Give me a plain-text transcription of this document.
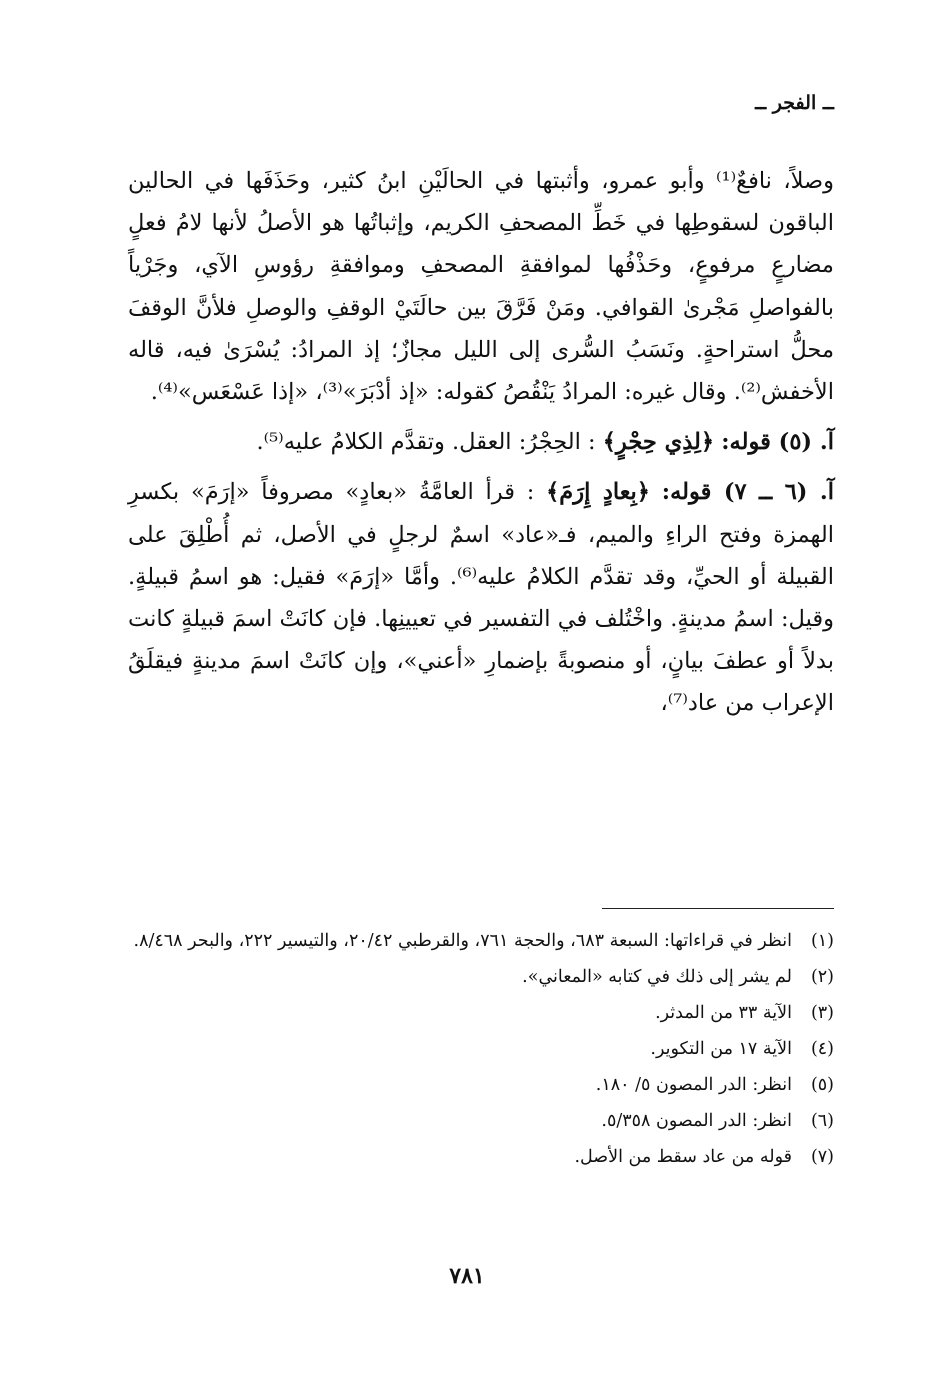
ــ الفجر ــ

وصلاً، نافعٌ⁽¹⁾ وأبو عمرو، وأثبتها في الحالَيْنِ ابنُ كثير، وحَذَفَها في الحالين الباقون لسقوطِها في خَطِّ المصحفِ الكريم، وإثباتُها هو الأصلُ لأنها لامُ فعلٍ مضارعٍ مرفوعٍ، وحَذْفُها لموافقةِ المصحفِ وموافقةِ رؤوسِ الآي، وجَرْياً بالفواصلِ مَجْرىٰ القوافي. ومَنْ فَرَّقَ بين حالَتَيْ الوقفِ والوصلِ فلأنَّ الوقفَ محلُّ استراحةٍ. ونَسَبُ السُّرى إلى الليل مجازٌ؛ إذ المرادُ: يُسْرَىٰ فيه، قاله الأخفش⁽²⁾. وقال غيره: المرادُ يَنْقُصُ كقوله: «إذ أدْبَرَ»⁽³⁾، «إذا عَسْعَس»⁽⁴⁾.

آ. (٥) قوله: ﴿لِذِي حِجْرٍ﴾ : الحِجْرُ: العقل. وتقدَّم الكلامُ عليه⁽⁵⁾.

آ. (٦ ــ ٧) قوله: ﴿بِعادٍ إِرَمَ﴾ : قرأ العامَّةُ «بعادٍ» مصروفاً «إرَمَ» بكسرِ الهمزة وفتح الراءِ والميم، فـ«عاد» اسمٌ لرجلٍ في الأصل، ثم أُطْلِقَ على القبيلة أو الحيِّ، وقد تقدَّم الكلامُ عليه⁽⁶⁾. وأمَّا «إرَمَ» فقيل: هو اسمُ قبيلةٍ. وقيل: اسمُ مدينةٍ. واخْتُلف في التفسير في تعيينِها. فإن كانَتْ اسمَ قبيلةٍ كانت بدلاً أو عطفَ بيانٍ، أو منصوبةً بإضمارِ «أعني»، وإن كانَتْ اسمَ مدينةٍ فيقلَقُ الإعراب من عاد⁽⁷⁾،

(١)
انظر في قراءاتها: السبعة ٦٨٣، والحجة ٧٦١، والقرطبي ٢٠/٤٢، والتيسير ٢٢٢، والبحر ٨/٤٦٨.
(٢)
لم يشر إلى ذلك في كتابه «المعاني».
(٣)
الآية ٣٣ من المدثر.
(٤)
الآية ١٧ من التكوير.
(٥)
انظر: الدر المصون ٥/ ١٨٠.
(٦)
انظر: الدر المصون ٥/٣٥٨.
(٧)
قوله من عاد سقط من الأصل.
٧٨١
